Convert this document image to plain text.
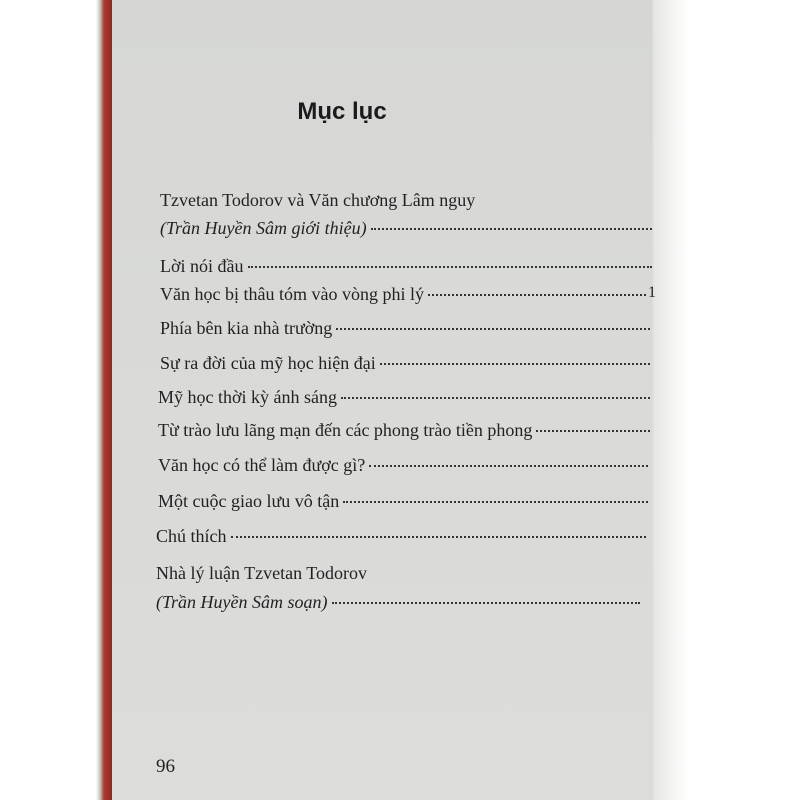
Mục lục
Tzvetan Todorov và Văn chương Lâm nguy
(Trần Huyền Sâm giới thiệu)
Lời nói đầu
Văn học bị thâu tóm vào vòng phi lý	1
Phía bên kia nhà trường
Sự ra đời của mỹ học hiện đại
Mỹ học thời kỳ ánh sáng
Từ trào lưu lãng mạn đến các phong trào tiền phong
Văn học có thể làm được gì?
Một cuộc giao lưu vô tận
Chú thích
Nhà lý luận Tzvetan Todorov
(Trần Huyền Sâm soạn)
96
